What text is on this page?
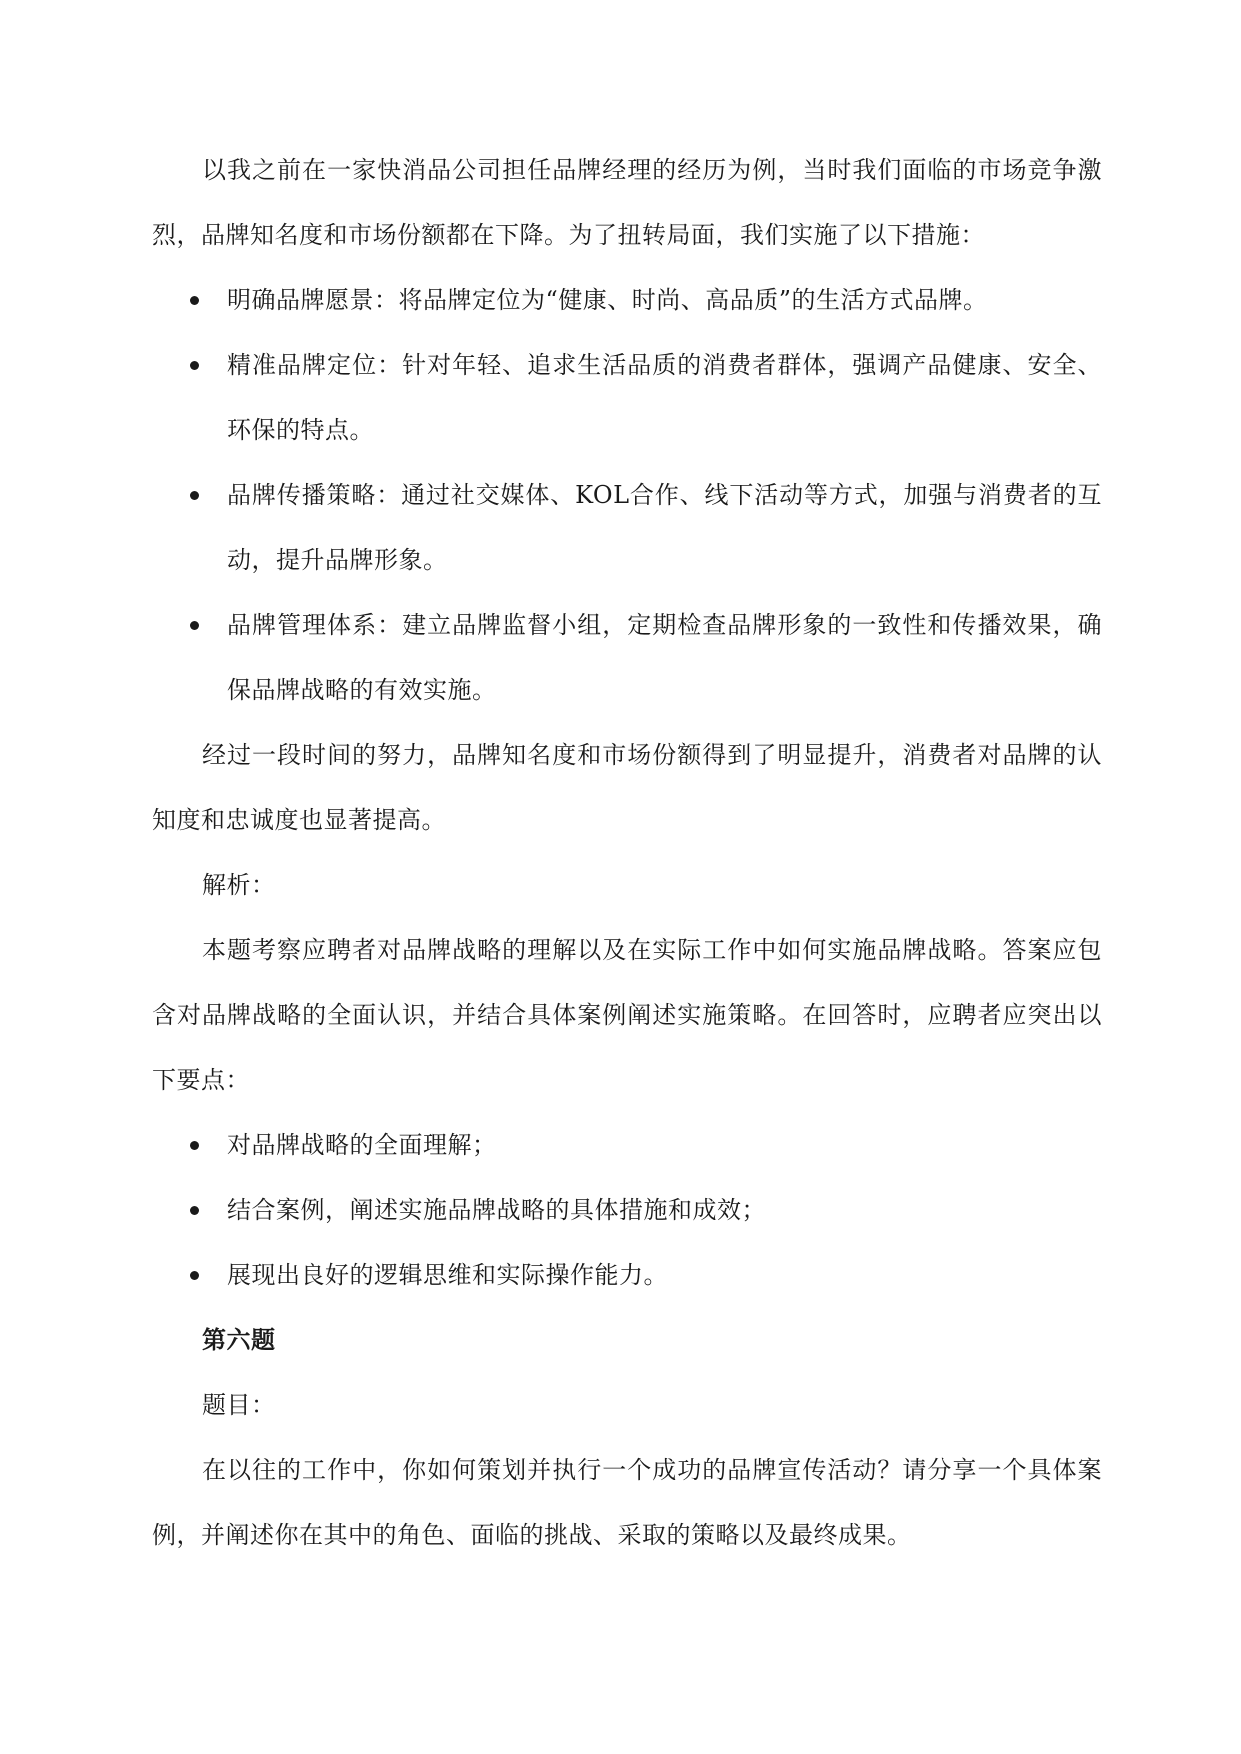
以我之前在一家快消品公司担任品牌经理的经历为例，当时我们面临的市场竞争激烈，品牌知名度和市场份额都在下降。为了扭转局面，我们实施了以下措施：

明确品牌愿景：将品牌定位为“健康、时尚、高品质”的生活方式品牌。
精准品牌定位：针对年轻、追求生活品质的消费者群体，强调产品健康、安全、环保的特点。
品牌传播策略：通过社交媒体、KOL合作、线下活动等方式，加强与消费者的互动，提升品牌形象。
品牌管理体系：建立品牌监督小组，定期检查品牌形象的一致性和传播效果，确保品牌战略的有效实施。

经过一段时间的努力，品牌知名度和市场份额得到了明显提升，消费者对品牌的认知度和忠诚度也显著提高。

解析：

本题考察应聘者对品牌战略的理解以及在实际工作中如何实施品牌战略。答案应包含对品牌战略的全面认识，并结合具体案例阐述实施策略。在回答时，应聘者应突出以下要点：

对品牌战略的全面理解；
结合案例，阐述实施品牌战略的具体措施和成效；
展现出良好的逻辑思维和实际操作能力。

第六题

题目：

在以往的工作中，你如何策划并执行一个成功的品牌宣传活动？请分享一个具体案例，并阐述你在其中的角色、面临的挑战、采取的策略以及最终成果。
